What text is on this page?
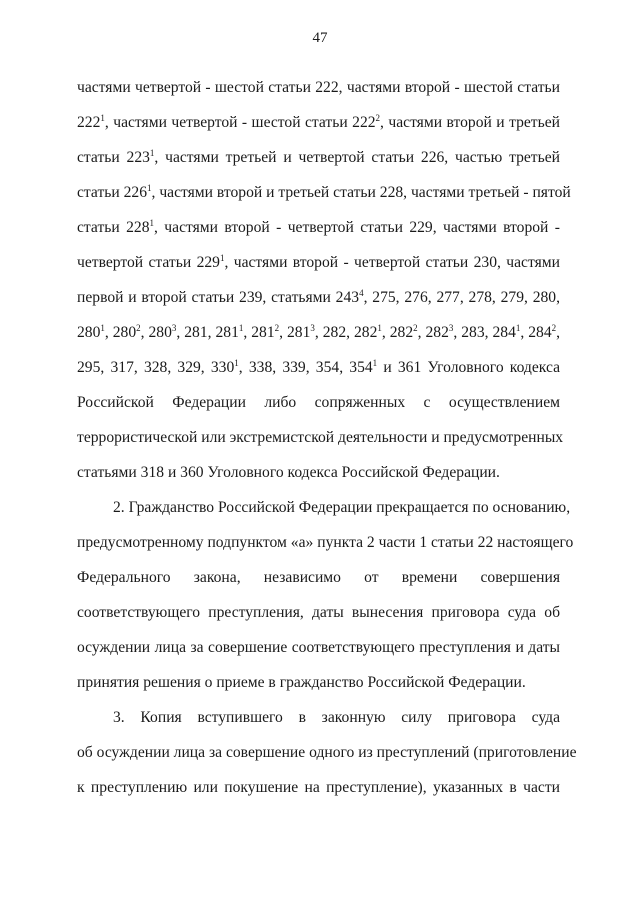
47
частями четвертой - шестой статьи 222, частями второй - шестой статьи
$222^1$, частями четвертой - шестой статьи $222^2$, частями второй и третьей
статьи $223^1$, частями третьей и четвертой статьи 226, частью третьей
статьи $226^1$, частями второй и третьей статьи 228, частями третьей - пятой
статьи $228^1$, частями второй - четвертой статьи 229, частями второй -
четвертой статьи $229^1$, частями второй - четвертой статьи 230, частями
первой и второй статьи 239, статьями $243^4$, 275, 276, 277, 278, 279, 280,
$280^1$, $280^2$, $280^3$, 281, $281^1$, $281^2$, $281^3$, 282, $282^1$, $282^2$, $282^3$, 283, $284^1$, $284^2$,
295, 317, 328, 329, $330^1$, 338, 339, 354, $354^1$ и 361 Уголовного кодекса
Российской Федерации либо сопряженных с осуществлением
террористической или экстремистской деятельности и предусмотренных
статьями 318 и 360 Уголовного кодекса Российской Федерации.
2. Гражданство Российской Федерации прекращается по основанию,
предусмотренному подпунктом «а» пункта 2 части 1 статьи 22 настоящего
Федерального закона, независимо от времени совершения
соответствующего преступления, даты вынесения приговора суда об
осуждении лица за совершение соответствующего преступления и даты
принятия решения о приеме в гражданство Российской Федерации.
3. Копия вступившего в законную силу приговора суда
об осуждении лица за совершение одного из преступлений (приготовление
к преступлению или покушение на преступление), указанных в части
